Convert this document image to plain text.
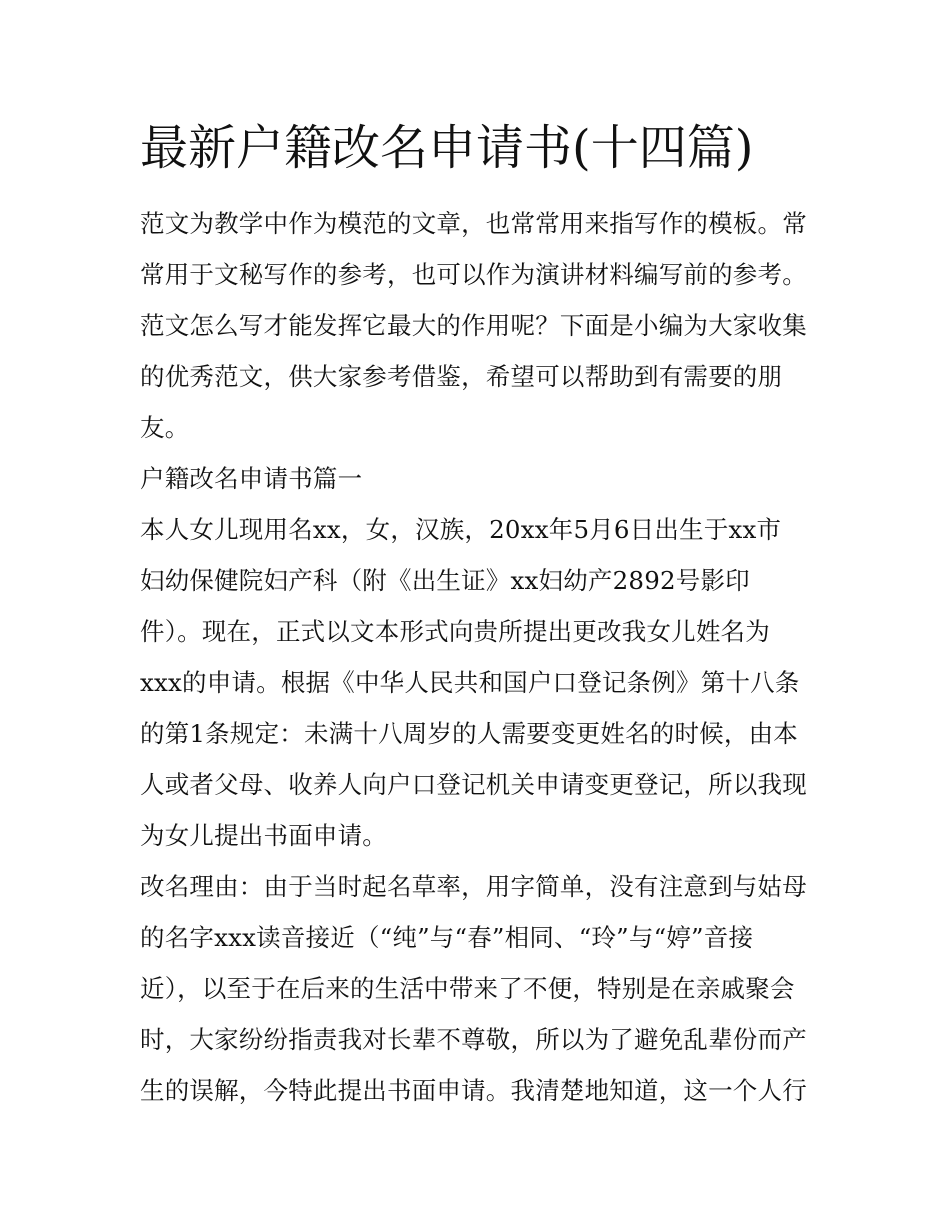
最新户籍改名申请书(十四篇)
范文为教学中作为模范的文章，也常常用来指写作的模板。常
常用于文秘写作的参考，也可以作为演讲材料编写前的参考。
范文怎么写才能发挥它最大的作用呢？下面是小编为大家收集
的优秀范文，供大家参考借鉴，希望可以帮助到有需要的朋
友。
户籍改名申请书篇一
本人女儿现用名xx，女，汉族，20xx年5月6日出生于xx市
妇幼保健院妇产科（附《出生证》xx妇幼产2892号影印
件）。现在，正式以文本形式向贵所提出更改我女儿姓名为
xxx的申请。根据《中华人民共和国户口登记条例》第十八条
的第1条规定：未满十八周岁的人需要变更姓名的时候，由本
人或者父母、收养人向户口登记机关申请变更登记，所以我现
为女儿提出书面申请。
改名理由：由于当时起名草率，用字简单，没有注意到与姑母
的名字xxx读音接近（“纯”与“春”相同、“玲”与“婷”音接
近），以至于在后来的生活中带来了不便，特别是在亲戚聚会
时，大家纷纷指责我对长辈不尊敬，所以为了避免乱辈份而产
生的误解，今特此提出书面申请。我清楚地知道，这一个人行
